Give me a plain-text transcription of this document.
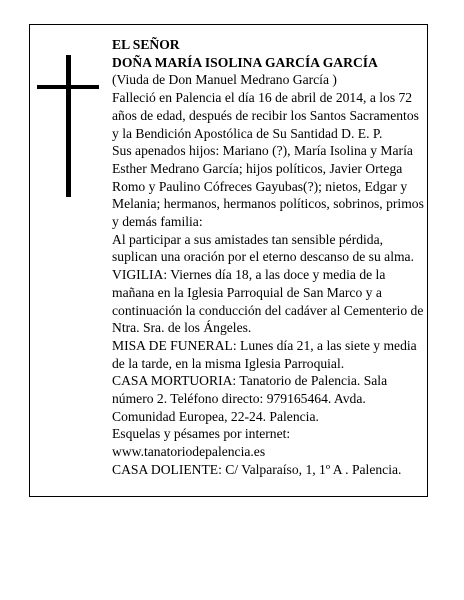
EL SEÑOR

DOÑA MARÍA ISOLINA GARCÍA GARCÍA

(Viuda de Don Manuel Medrano García )

Falleció en Palencia el día 16 de abril de 2014, a los 72 años de edad, después de recibir los Santos Sacramentos y la Bendición Apostólica de Su Santidad D. E. P.

Sus apenados hijos: Mariano (?), María Isolina y María Esther Medrano García; hijos políticos, Javier Ortega Romo y Paulino Cófreces Gayubas(?); nietos, Edgar y Melania; hermanos, hermanos políticos, sobrinos, primos y demás familia:

Al participar a sus amistades tan sensible pérdida, suplican una oración por el eterno descanso de su alma.

VIGILIA: Viernes día 18, a las doce y media de la mañana en la Iglesia Parroquial de San Marco y a continuación la conducción del cadáver al Cementerio de Ntra. Sra. de los Ángeles.

MISA DE FUNERAL: Lunes día 21, a las siete y media de la tarde, en la misma Iglesia Parroquial.

CASA MORTUORIA: Tanatorio de Palencia. Sala número 2. Teléfono directo: 979165464. Avda. Comunidad Europea, 22-24. Palencia.

Esquelas y pésames por internet:

www.tanatoriodepalencia.es

CASA DOLIENTE: C/ Valparaíso, 1, 1º A . Palencia.
